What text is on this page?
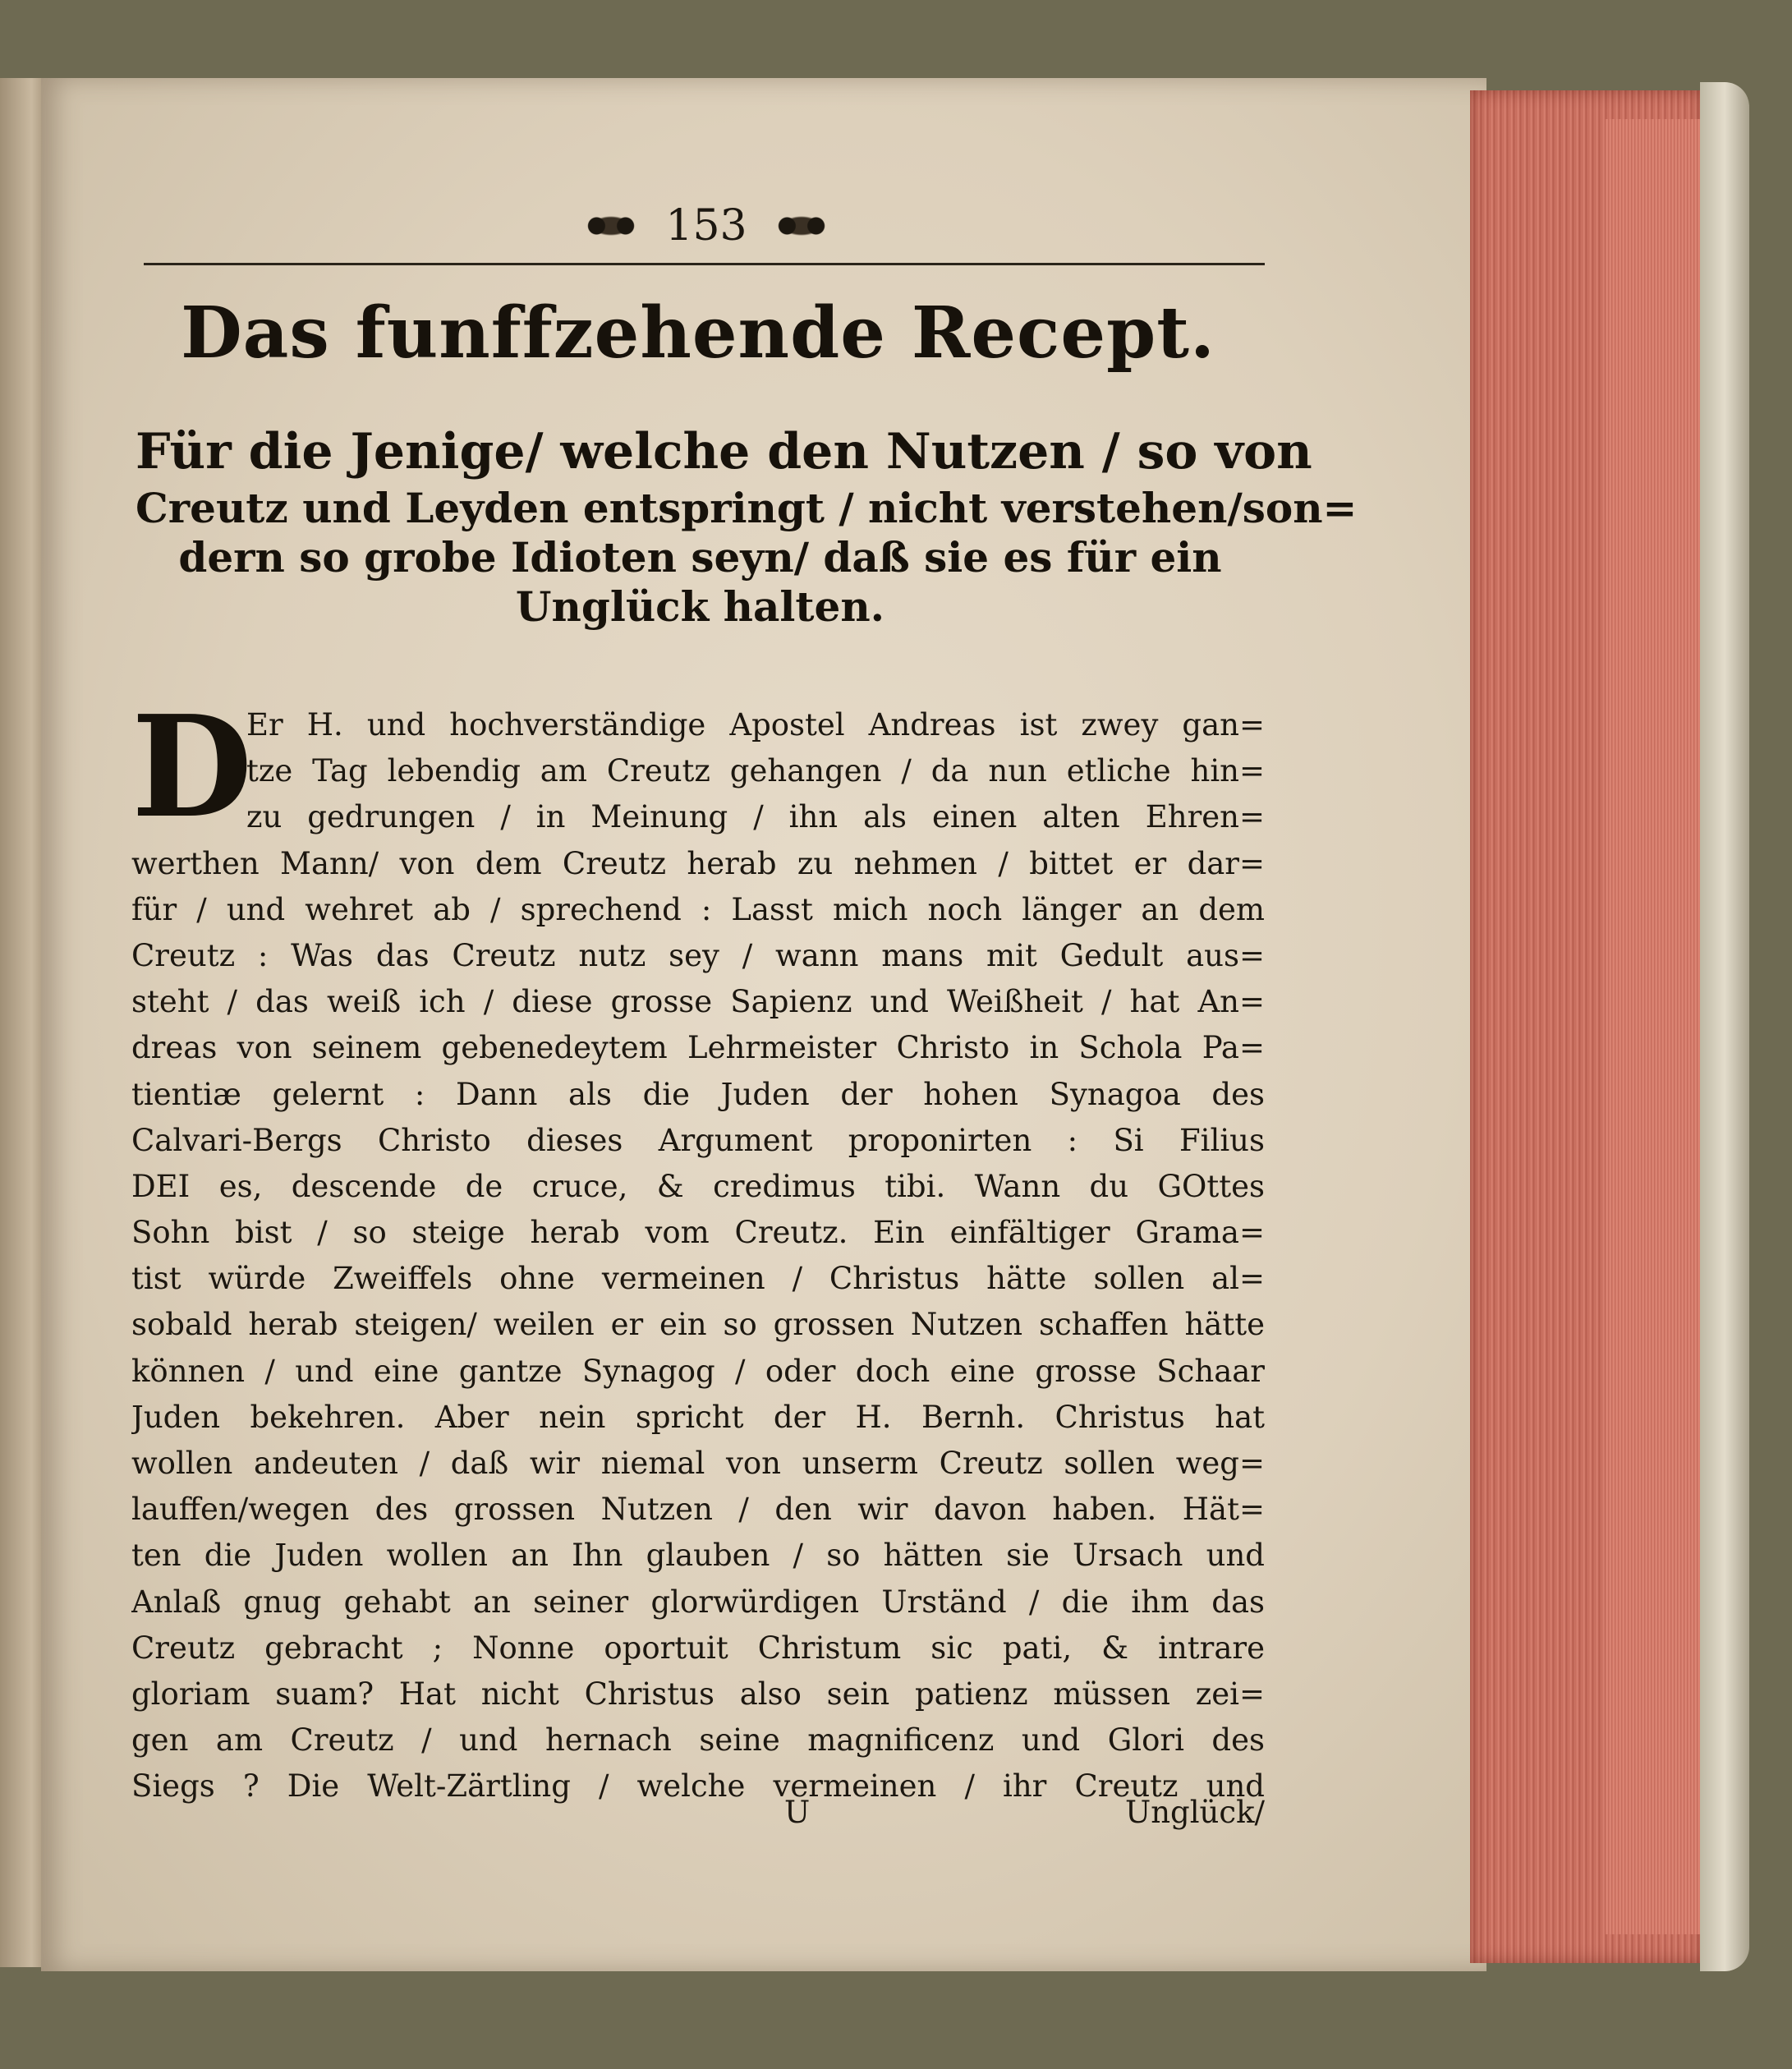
153
Das funffzehende Recept.
Für die Jenige/ welche den Nutzen / so von
Creutz und Leyden entspringt / nicht verstehen/son=
dern so grobe Idioten seyn/ daß sie es für ein
Unglück halten.
D
Er H. und hochverständige Apostel Andreas ist zwey gan=
tze Tag lebendig am Creutz gehangen / da nun etliche hin=
zu gedrungen / in Meinung / ihn als einen alten Ehren=
werthen Mann/ von dem Creutz herab zu nehmen / bittet er dar=
für / und wehret ab / sprechend : Lasst mich noch länger an dem
Creutz : Was das Creutz nutz sey / wann mans mit Gedult aus=
steht / das weiß ich / diese grosse Sapienz und Weißheit / hat An=
dreas von seinem gebenedeytem Lehrmeister Christo in Schola Pa=
tientiæ gelernt : Dann als die Juden der hohen Synagoa des
Calvari-Bergs Christo dieses Argument proponirten : Si Filius
DEI es, descende de cruce, & credimus tibi. Wann du GOttes
Sohn bist / so steige herab vom Creutz. Ein einfältiger Grama=
tist würde Zweiffels ohne vermeinen / Christus hätte sollen al=
sobald herab steigen/ weilen er ein so grossen Nutzen schaffen hätte
können / und eine gantze Synagog / oder doch eine grosse Schaar
Juden bekehren. Aber nein spricht der H. Bernh. Christus hat
wollen andeuten / daß wir niemal von unserm Creutz sollen weg=
lauffen/wegen des grossen Nutzen / den wir davon haben. Hät=
ten die Juden wollen an Ihn glauben / so hätten sie Ursach und
Anlaß gnug gehabt an seiner glorwürdigen Urständ / die ihm das
Creutz gebracht ; Nonne oportuit Christum sic pati, & intrare
gloriam suam? Hat nicht Christus also sein patienz müssen zei=
gen am Creutz / und hernach seine magnificenz und Glori des
Siegs ? Die Welt-Zärtling / welche vermeinen / ihr Creutz und
U	Unglück/
